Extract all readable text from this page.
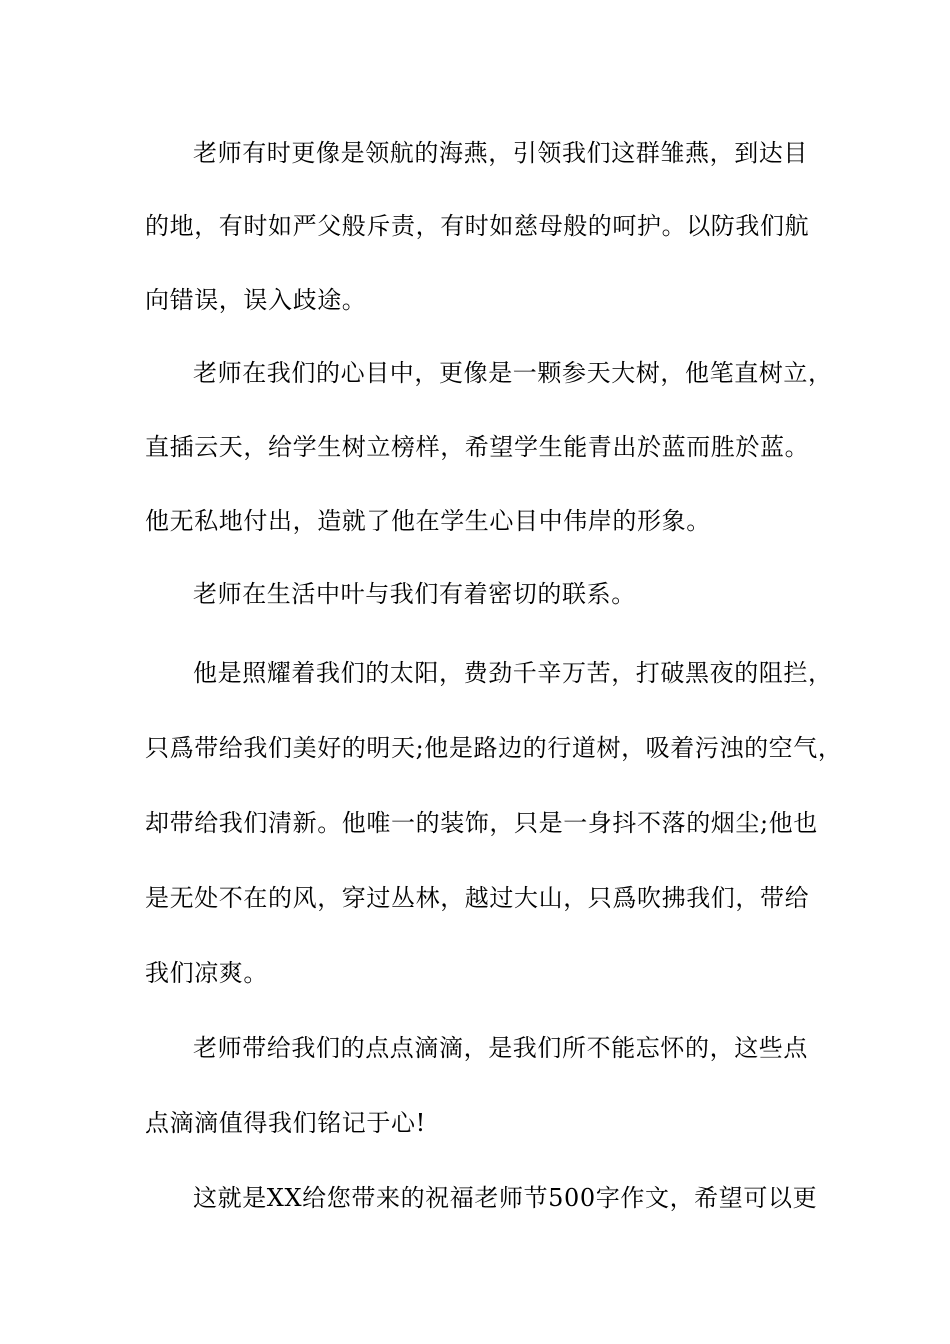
老师有时更像是领航的海燕，引领我们这群雏燕，到达目
的地，有时如严父般斥责，有时如慈母般的呵护。以防我们航
向错误，误入歧途。
老师在我们的心目中，更像是一颗参天大树，他笔直树立，
直插云天，给学生树立榜样，希望学生能青出於蓝而胜於蓝。
他无私地付出，造就了他在学生心目中伟岸的形象。
老师在生活中叶与我们有着密切的联系。
他是照耀着我们的太阳，费劲千辛万苦，打破黑夜的阻拦，
只爲带给我们美好的明天;他是路边的行道树，吸着污浊的空气，
却带给我们清新。他唯一的装饰，只是一身抖不落的烟尘;他也
是无处不在的风，穿过丛林，越过大山，只爲吹拂我们，带给
我们凉爽。
老师带给我们的点点滴滴，是我们所不能忘怀的，这些点
点滴滴值得我们铭记于心!
这就是XX给您带来的祝福老师节500字作文，希望可以更
